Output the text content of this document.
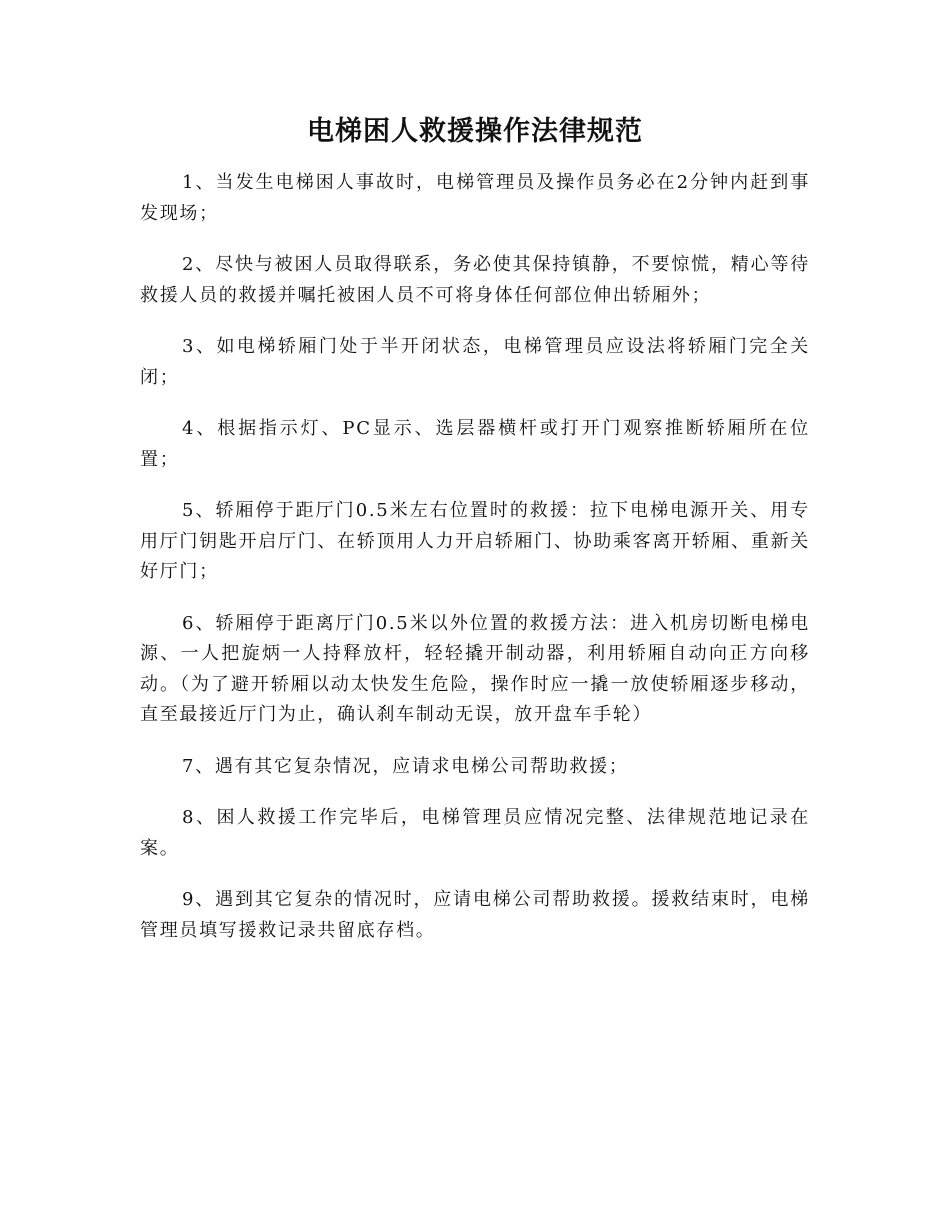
电梯困人救援操作法律规范

1、当发生电梯困人事故时，电梯管理员及操作员务必在2分钟内赶到事发现场；

2、尽快与被困人员取得联系，务必使其保持镇静，不要惊慌，精心等待救援人员的救援并嘱托被困人员不可将身体任何部位伸出轿厢外；

3、如电梯轿厢门处于半开闭状态，电梯管理员应设法将轿厢门完全关闭；

4、根据指示灯、PC显示、选层器横杆或打开门观察推断轿厢所在位置；

5、轿厢停于距厅门0.5米左右位置时的救援：拉下电梯电源开关、用专用厅门钥匙开启厅门、在轿顶用人力开启轿厢门、协助乘客离开轿厢、重新关好厅门；

6、轿厢停于距离厅门0.5米以外位置的救援方法：进入机房切断电梯电源、一人把旋炳一人持释放杆，轻轻撬开制动器，利用轿厢自动向正方向移动。（为了避开轿厢以动太快发生危险，操作时应一撬一放使轿厢逐步移动，直至最接近厅门为止，确认刹车制动无误，放开盘车手轮）

7、遇有其它复杂情况，应请求电梯公司帮助救援；

8、困人救援工作完毕后，电梯管理员应情况完整、法律规范地记录在案。

9、遇到其它复杂的情况时，应请电梯公司帮助救援。援救结束时，电梯管理员填写援救记录共留底存档。
